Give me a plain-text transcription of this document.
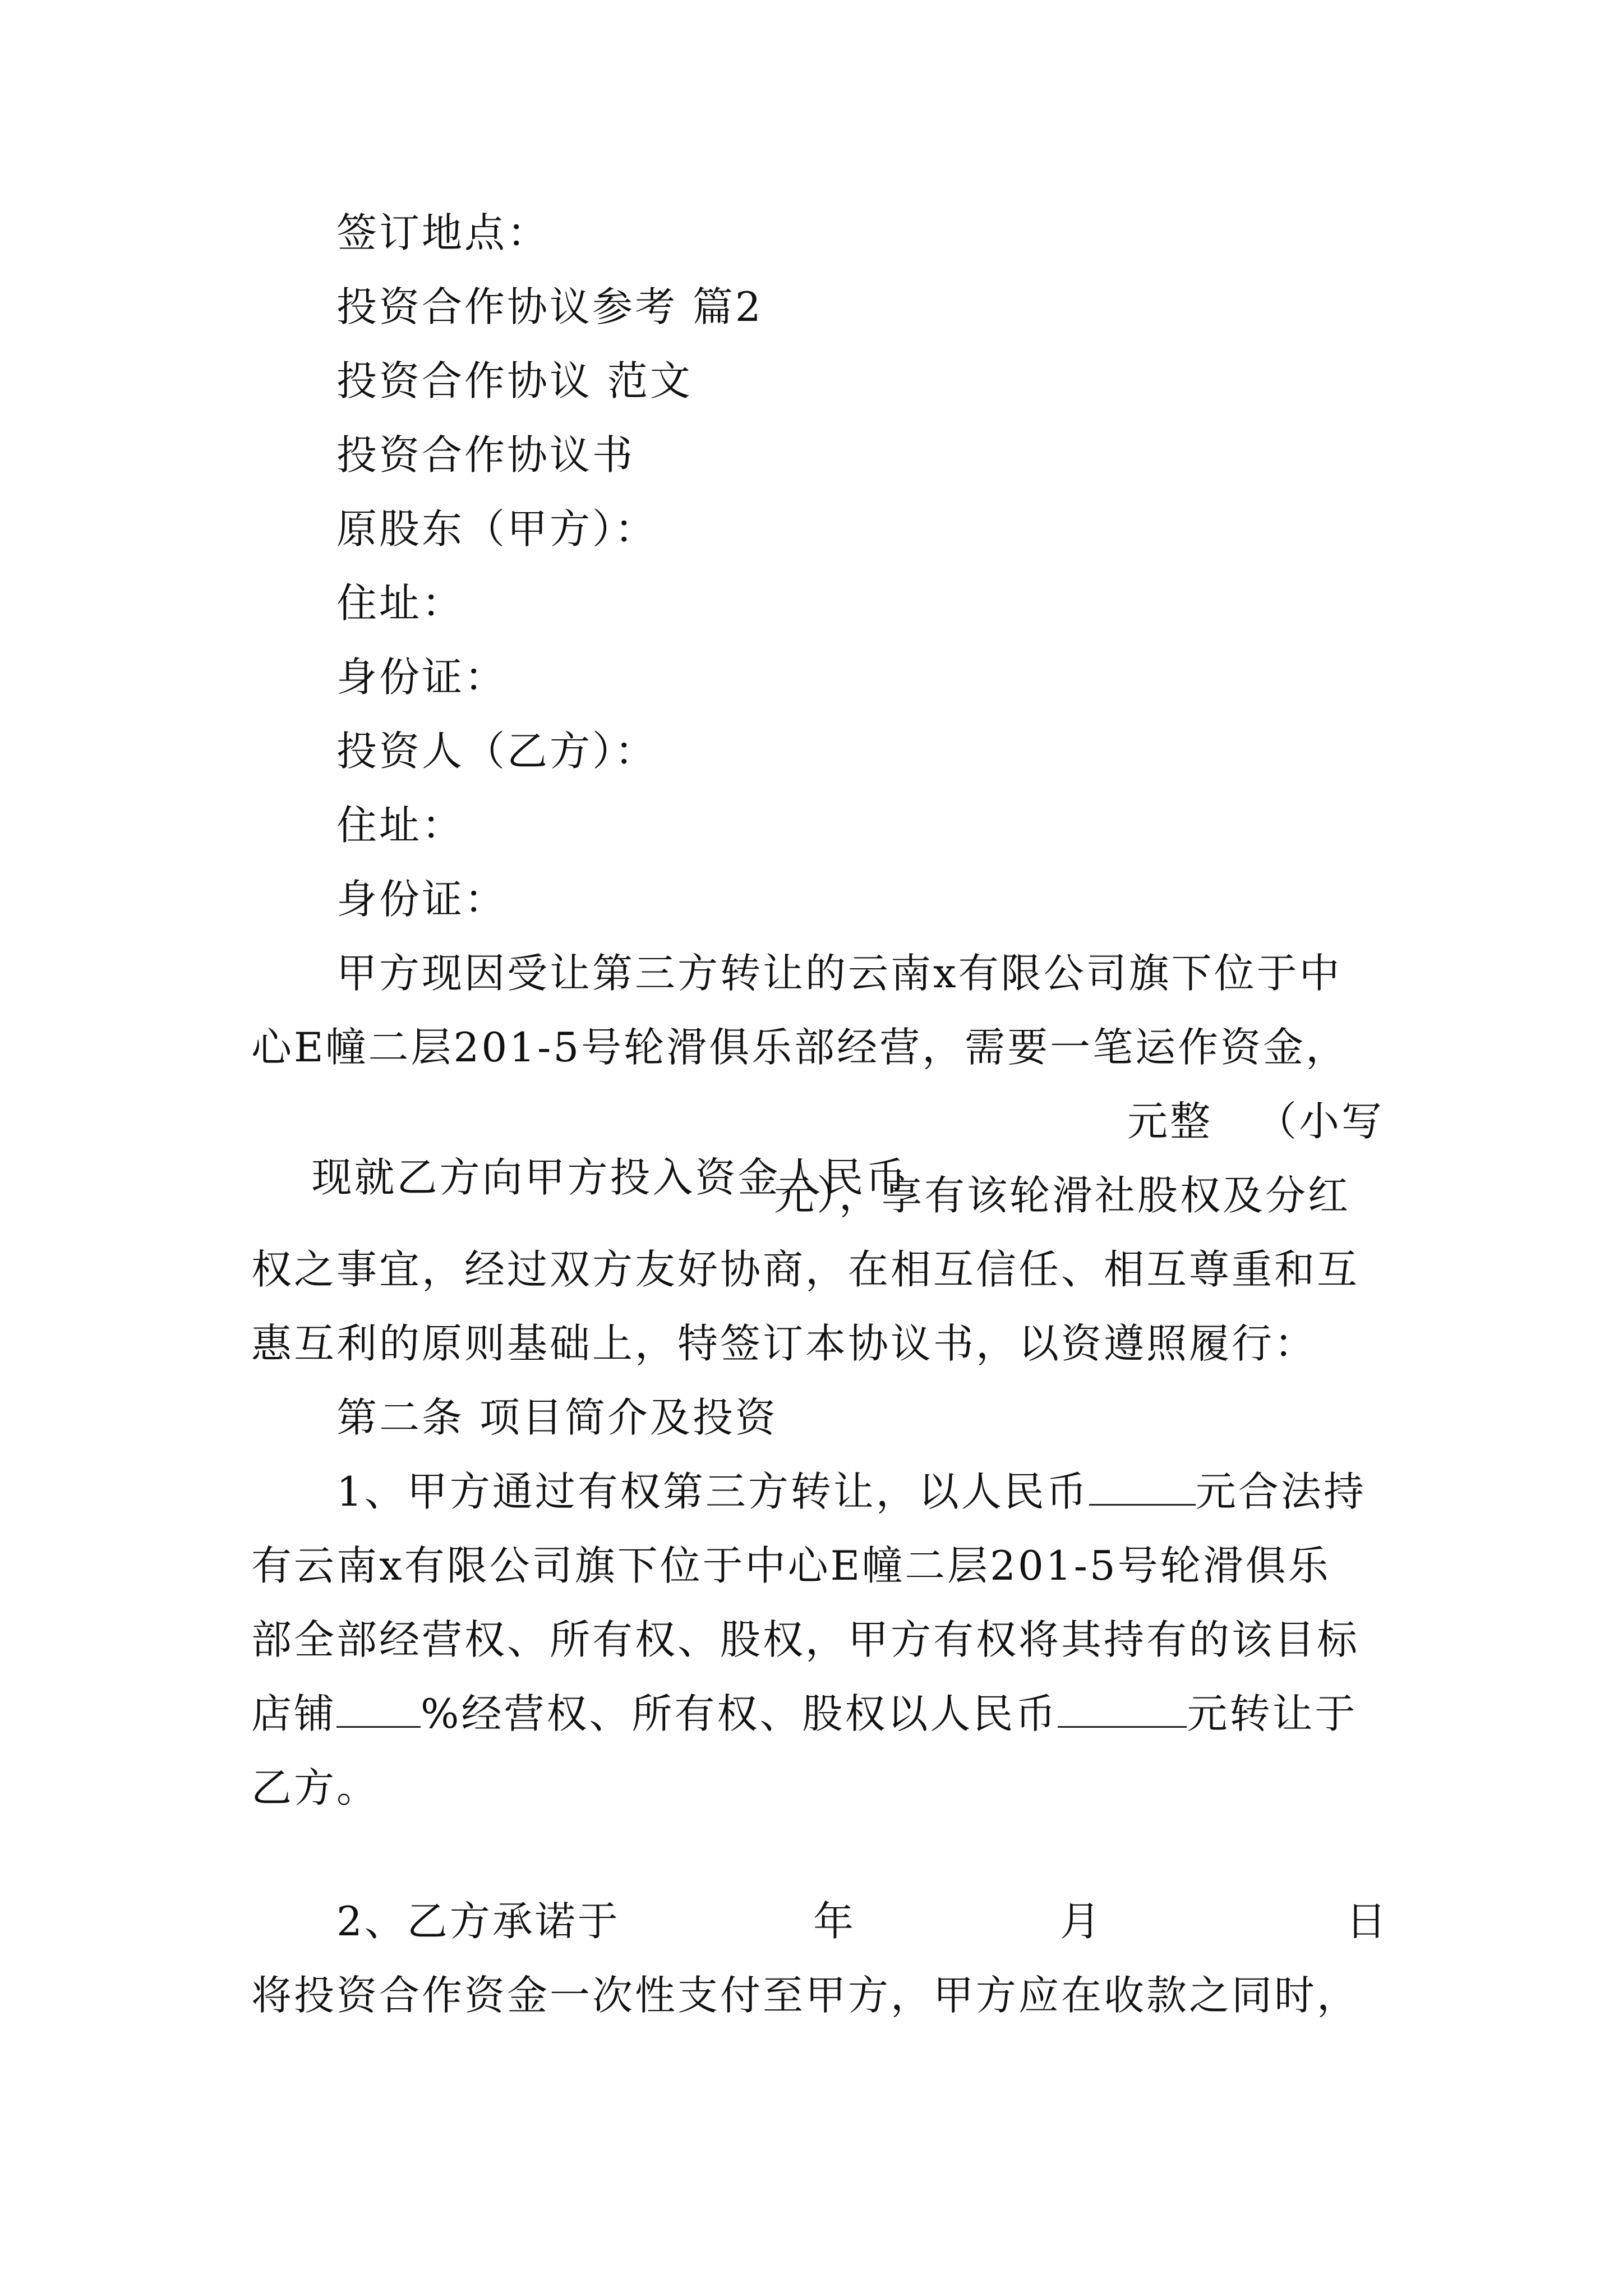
签订地点：
投资合作协议参考 篇2
投资合作协议 范文
投资合作协议书
原股东（甲方）：
住址：
身份证：
投资人（乙方）：
住址：
身份证：
甲方现因受让第三方转让的云南x有限公司旗下位于中
心E幢二层201-5号轮滑俱乐部经营，需要一笔运作资金，

现就乙方向甲方投入资金人民币

元整 （小写
元），享有该轮滑社股权及分红
权之事宜，经过双方友好协商，在相互信任、相互尊重和互
惠互利的原则基础上，特签订本协议书，以资遵照履行：
第二条 项目简介及投资
1、甲方通过有权第三方转让，以人民币	元合法持
有云南x有限公司旗下位于中心E幢二层201-5号轮滑俱乐
部全部经营权、所有权、股权，甲方有权将其持有的该目标
店铺 %经营权、所有权、股权以人民币	元转让于
乙方。
2、乙方承诺于	年	月	日
将投资合作资金一次性支付至甲方，甲方应在收款之同时，
